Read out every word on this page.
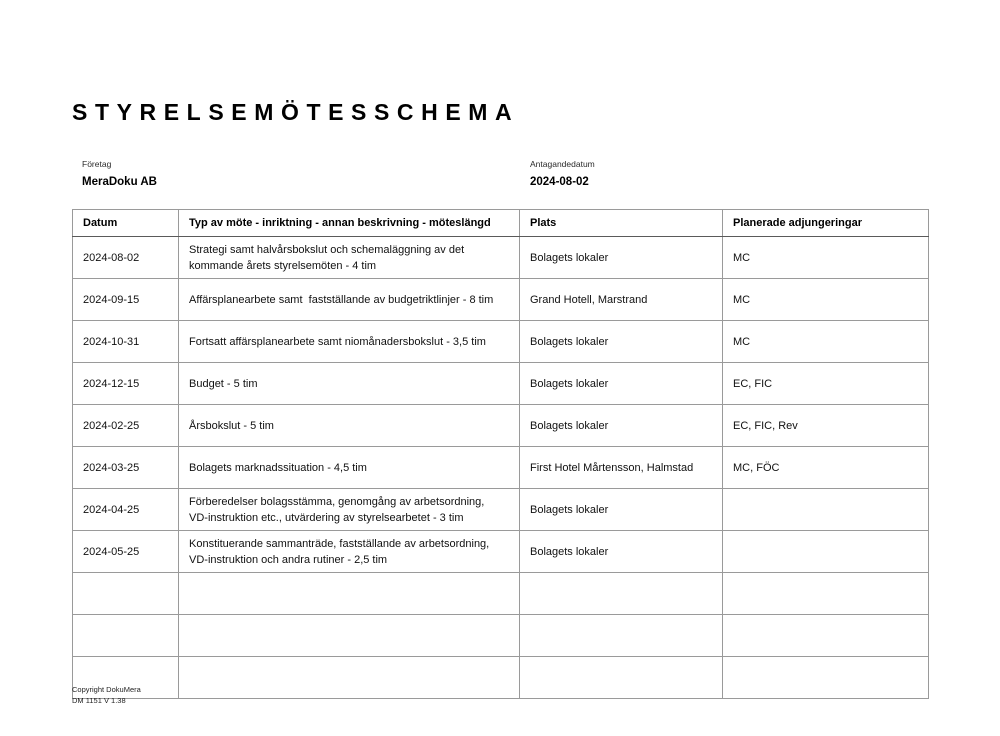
STYRELSEMÖTESSCHEMA
Företag
MeraDoku AB
Antagandedatum
2024-08-02
Datum	Typ av möte - inriktning - annan beskrivning - möteslängd	Plats	Planerade adjungeringar
2024-08-02	Strategi samt halvårsbokslut och schemaläggning av det
kommande årets styrelsemöten - 4 tim	Bolagets lokaler	MC
2024-09-15	Affärsplanearbete samt  fastställande av budgetriktlinjer - 8 tim	Grand Hotell, Marstrand	MC
2024-10-31	Fortsatt affärsplanearbete samt niomånadersbokslut - 3,5 tim	Bolagets lokaler	MC
2024-12-15	Budget - 5 tim	Bolagets lokaler	EC, FIC
2024-02-25	Årsbokslut - 5 tim	Bolagets lokaler	EC, FIC, Rev
2024-03-25	Bolagets marknadssituation - 4,5 tim	First Hotel Mårtensson, Halmstad	MC, FÖC
2024-04-25	Förberedelser bolagsstämma, genomgång av arbetsordning,
VD-instruktion etc., utvärdering av styrelsearbetet - 3 tim	Bolagets lokaler	
2024-05-25	Konstituerande sammanträde, fastställande av arbetsordning,
VD-instruktion och andra rutiner - 2,5 tim	Bolagets lokaler	

Copyright DokuMera
DM 1151 V 1.38
